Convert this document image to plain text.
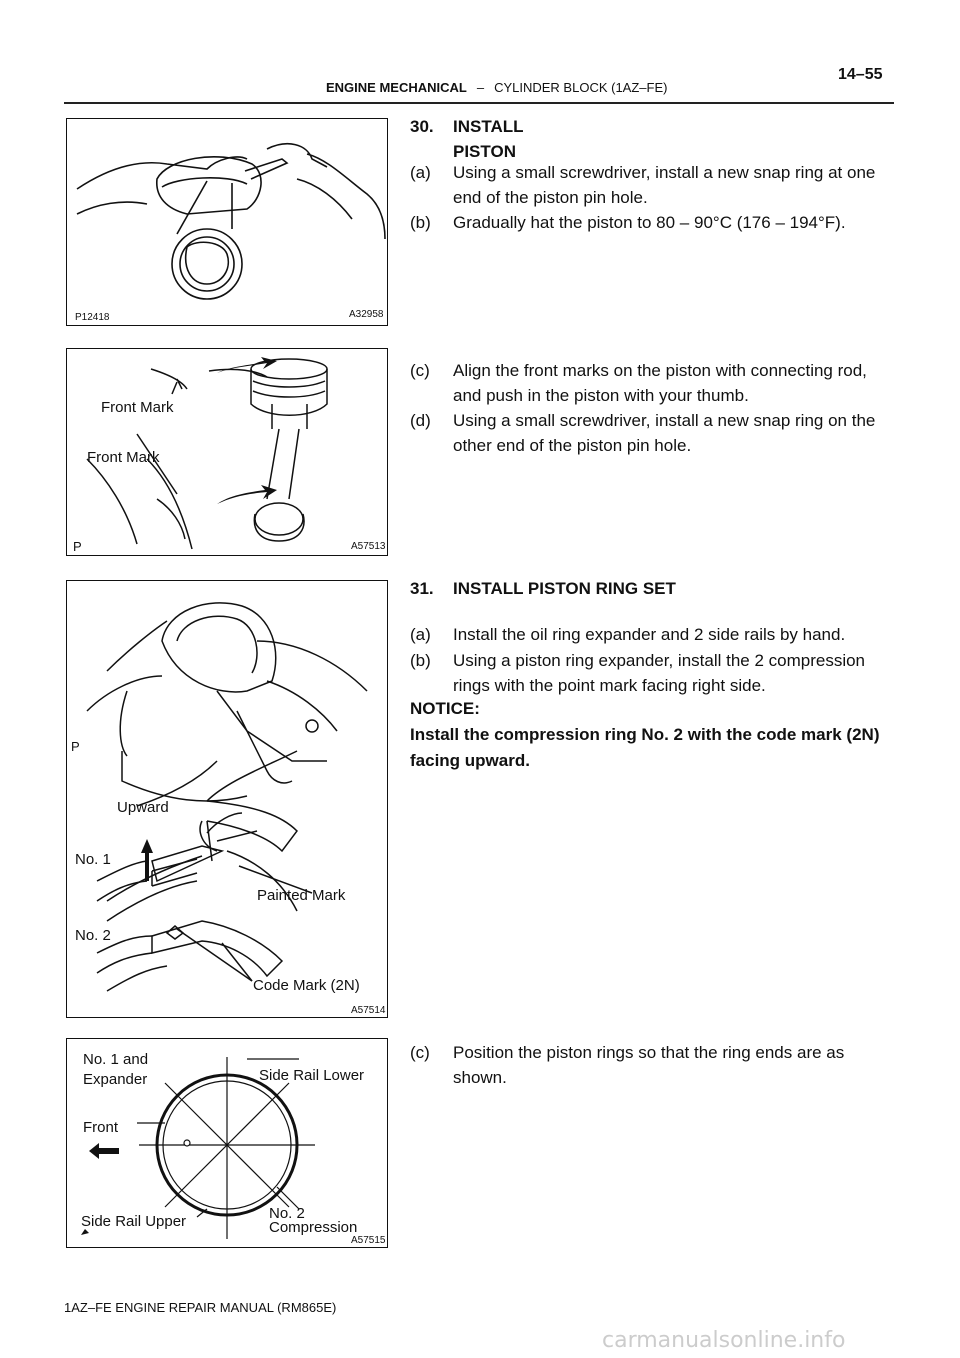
14–55
ENGINE MECHANICAL – CYLINDER BLOCK (1AZ–FE)
P12418	A32958
Front Mark
Front Mark
P	A57513
P
Upward
No. 1
Painted Mark
No. 2
Code Mark (2N)
A57514
No. 1 and
Expander	Side Rail Lower
Front
Side Rail Upper	No. 2
Compression
A57515
30. INSTALL PISTON
(a) Using a small screwdriver, install a new snap ring at one
end of the piston pin hole.
(b) Gradually hat the piston to 80 – 90°C (176 – 194°F).
(c) Align the front marks on the piston with connecting rod,
and push in the piston with your thumb.
(d) Using a small screwdriver, install a new snap ring on the
other end of the piston pin hole.
31. INSTALL PISTON RING SET
(a) Install the oil ring expander and 2 side rails by hand.
(b) Using a piston ring expander, install the 2 compression
rings with the point mark facing right side.
NOTICE:
Install the compression ring No. 2 with the code mark (2N)
facing upward.
(c) Position the piston rings so that the ring ends are as
shown.
1AZ–FE ENGINE REPAIR MANUAL (RM865E)
carmanualsonline.info
